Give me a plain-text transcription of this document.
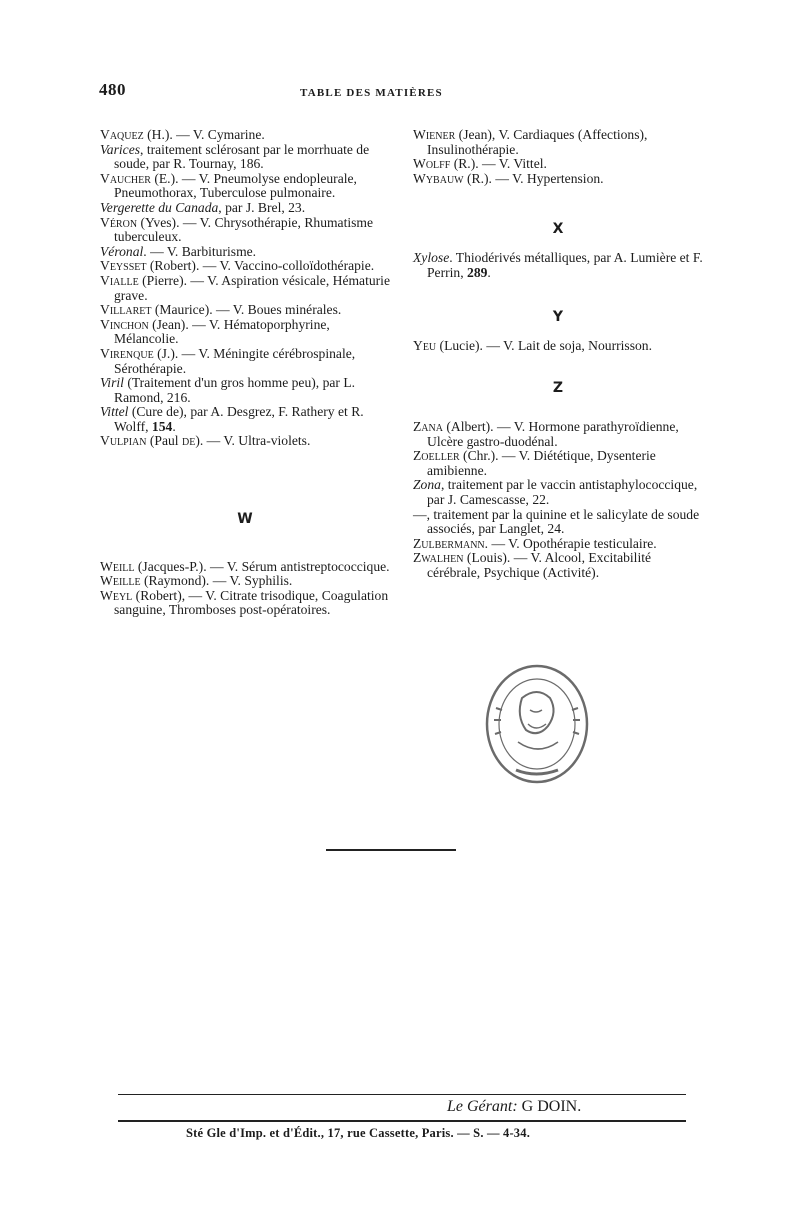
480	TABLE DES MATIÈRES

Vaquez (H.). — V. Cymarine.

Varices, traitement sclérosant par le morrhuate de soude, par R. Tournay, 186.

Vaucher (E.). — V. Pneumolyse endopleurale, Pneumothorax, Tuberculose pulmonaire.

Vergerette du Canada, par J. Brel, 23.

Véron (Yves). — V. Chrysothérapie, Rhumatisme tuberculeux.

Véronal. — V. Barbiturisme.

Veysset (Robert). — V. Vaccino-colloïdothérapie.

Vialle (Pierre). — V. Aspiration vésicale, Hématurie grave.

Villaret (Maurice). — V. Boues minérales.

Vinchon (Jean). — V. Hématoporphyrine, Mélancolie.

Virenque (J.). — V. Méningite cérébrospinale, Sérothérapie.

Viril (Traitement d'un gros homme peu), par L. Ramond, 216.

Vittel (Cure de), par A. Desgrez, F. Rathery et R. Wolff, 154.

Vulpian (Paul de). — V. Ultra-violets.

W

Weill (Jacques-P.). — V. Sérum antistreptococcique.

Weille (Raymond). — V. Syphilis.

Weyl (Robert), — V. Citrate trisodique, Coagulation sanguine, Thromboses post-opératoires.

Wiener (Jean), V. Cardiaques (Affections), Insulinothérapie.

Wolff (R.). — V. Vittel.

Wybauw (R.). — V. Hypertension.

X

Xylose. Thiodérivés métalliques, par A. Lumière et F. Perrin, 289.

Y

Yeu (Lucie). — V. Lait de soja, Nourrisson.

Z

Zana (Albert). — V. Hormone parathyroïdienne, Ulcère gastro-duodénal.

Zoeller (Chr.). — V. Diététique, Dysenterie amibienne.

Zona, traitement par le vaccin antistaphylococcique, par J. Camescasse, 22.

—, traitement par la quinine et le salicylate de soude associés, par Langlet, 24.

Zulbermann. — V. Opothérapie testiculaire.

Zwalhen (Louis). — V. Alcool, Excitabilité cérébrale, Psychique (Activité).

Le Gérant: G DOIN.
Sté Gle d'Imp. et d'Édit., 17, rue Cassette, Paris. — S. — 4-34.
